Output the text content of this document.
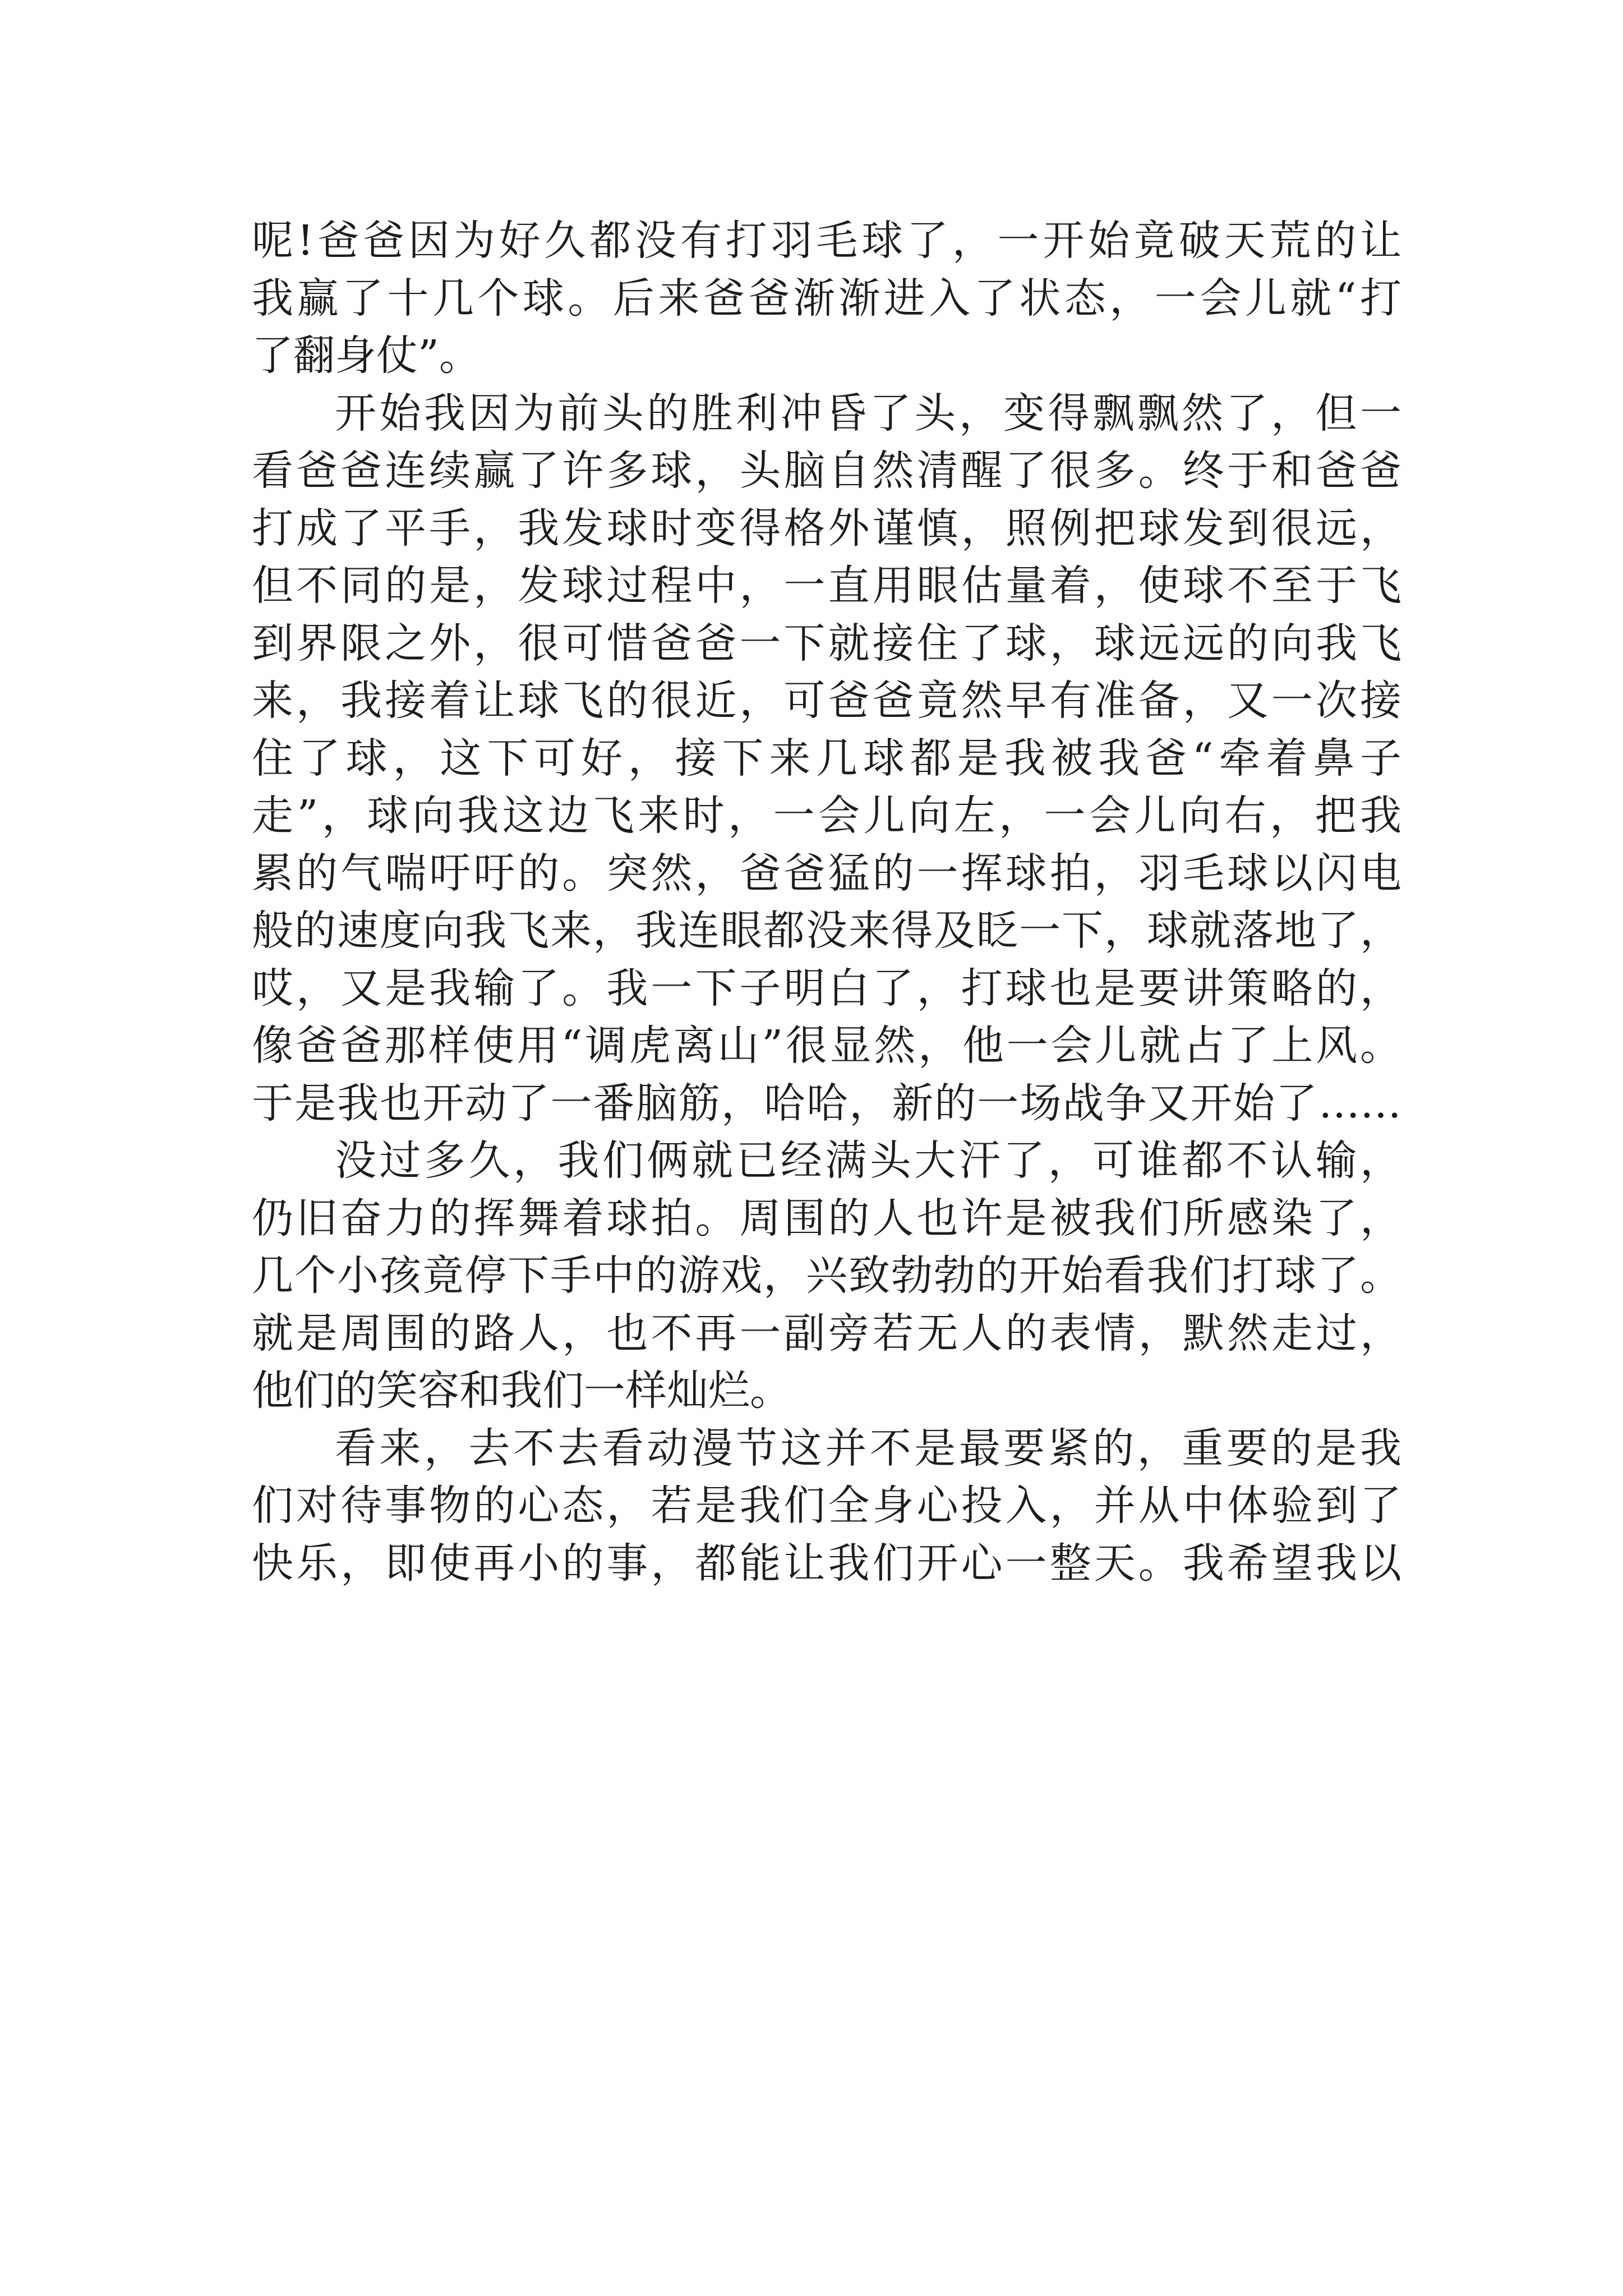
呢!爸爸因为好久都没有打羽毛球了，一开始竟破天荒的让
我赢了十几个球。后来爸爸渐渐进入了状态，一会儿就“打
了翻身仗”。
开始我因为前头的胜利冲昏了头，变得飘飘然了，但一
看爸爸连续赢了许多球，头脑自然清醒了很多。终于和爸爸
打成了平手，我发球时变得格外谨慎，照例把球发到很远，
但不同的是，发球过程中，一直用眼估量着，使球不至于飞
到界限之外，很可惜爸爸一下就接住了球，球远远的向我飞
来，我接着让球飞的很近，可爸爸竟然早有准备，又一次接
住了球，这下可好，接下来几球都是我被我爸“牵着鼻子
走”，球向我这边飞来时，一会儿向左，一会儿向右，把我
累的气喘吁吁的。突然，爸爸猛的一挥球拍，羽毛球以闪电
般的速度向我飞来，我连眼都没来得及眨一下，球就落地了，
哎，又是我输了。我一下子明白了，打球也是要讲策略的，
像爸爸那样使用“调虎离山”很显然，他一会儿就占了上风。
于是我也开动了一番脑筋，哈哈，新的一场战争又开始了……
没过多久，我们俩就已经满头大汗了，可谁都不认输，
仍旧奋力的挥舞着球拍。周围的人也许是被我们所感染了，
几个小孩竟停下手中的游戏，兴致勃勃的开始看我们打球了。
就是周围的路人，也不再一副旁若无人的表情，默然走过，
他们的笑容和我们一样灿烂。
看来，去不去看动漫节这并不是最要紧的，重要的是我
们对待事物的心态，若是我们全身心投入，并从中体验到了
快乐，即使再小的事，都能让我们开心一整天。我希望我以
